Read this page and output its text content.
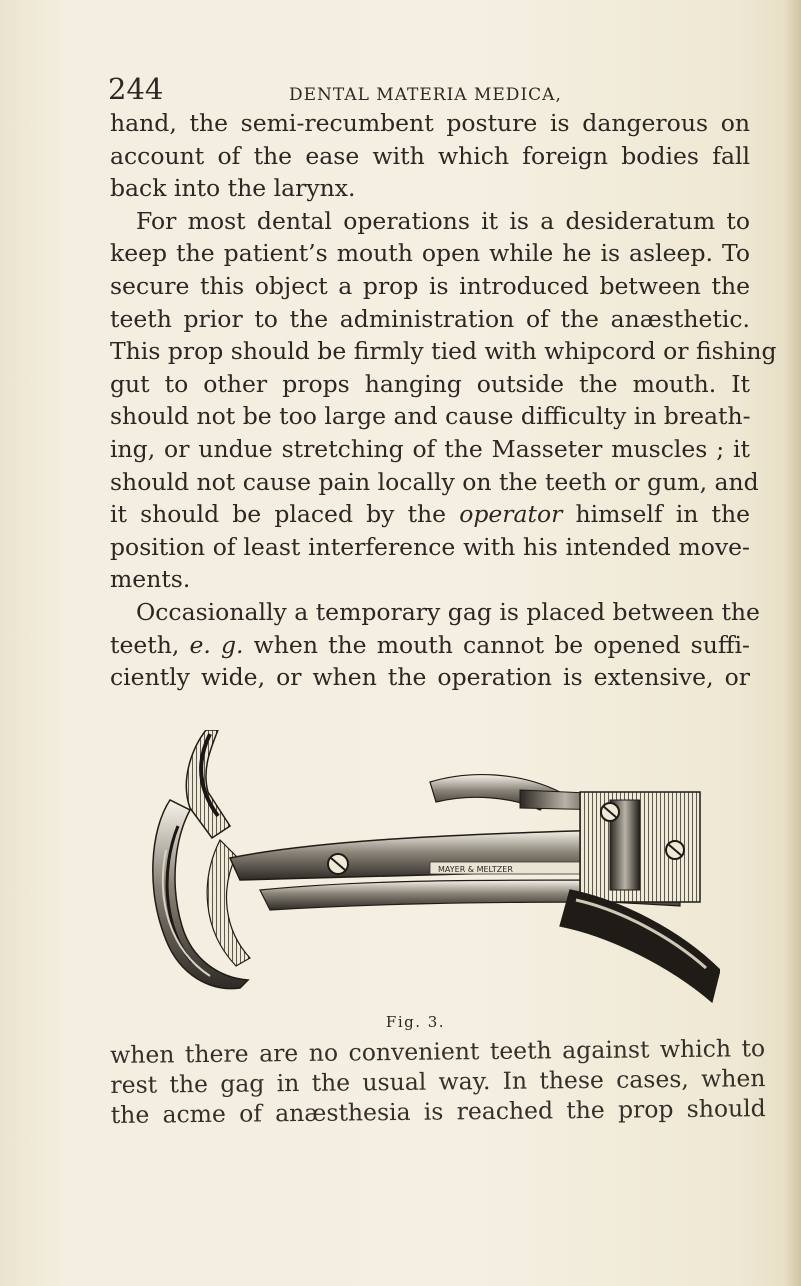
244	DENTAL MATERIA MEDICA,
hand, the semi-recumbent posture is dangerous on
account of the ease with which foreign bodies fall
back into the larynx.
For most dental operations it is a desideratum to
keep the patient’s mouth open while he is asleep. To
secure this object a prop is introduced between the
teeth prior to the administration of the anæsthetic.
This prop should be firmly tied with whipcord or fishing
gut to other props hanging outside the mouth. It
should not be too large and cause difficulty in breath-
ing, or undue stretching of the Masseter muscles ; it
should not cause pain locally on the teeth or gum, and
it should be placed by the operator himself in the
position of least interference with his intended move-
ments.
Occasionally a temporary gag is placed between the
teeth, e. g. when the mouth cannot be opened suffi-
ciently wide, or when the operation is extensive, or
MAYER & MELTZER
Fig. 3.
when there are no convenient teeth against which to
rest the gag in the usual way. In these cases, when
the acme of anæsthesia is reached the prop should
